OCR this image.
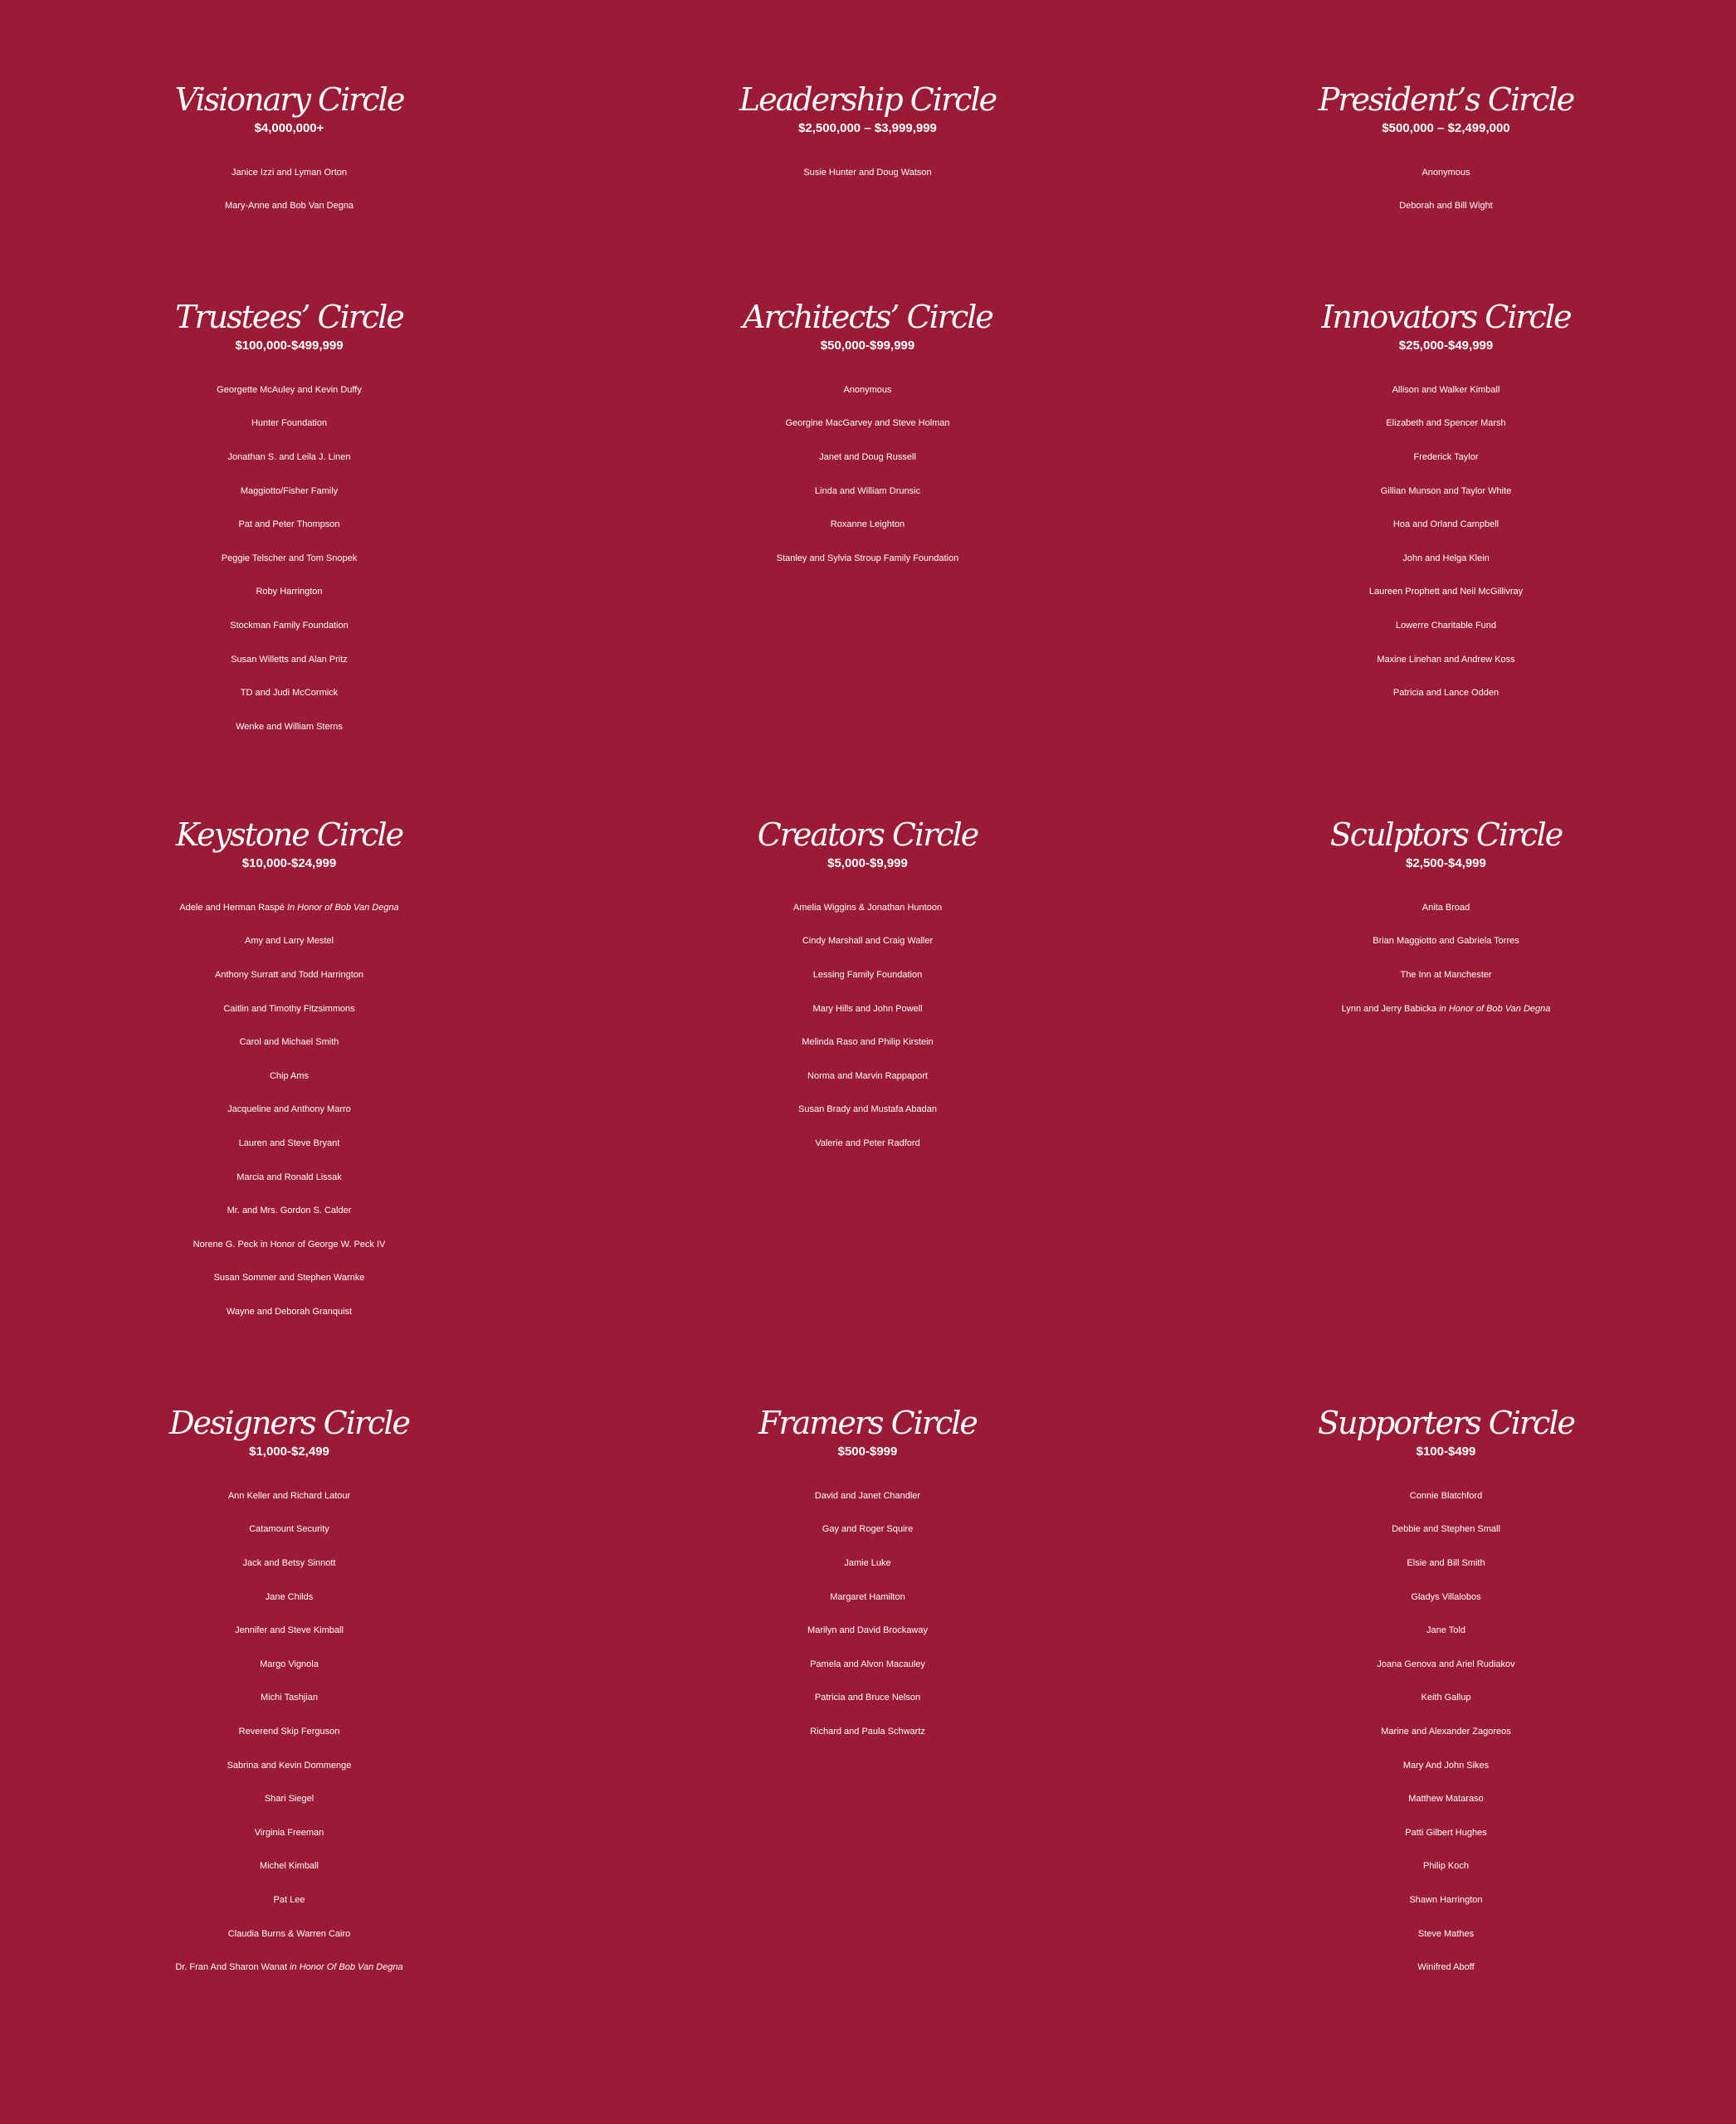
Visionary Circle
$4,000,000+
Janice Izzi and Lyman Orton
Mary-Anne and Bob Van Degna
Leadership Circle
$2,500,000 – $3,999,999
Susie Hunter and Doug Watson
President’s Circle
$500,000 – $2,499,000
Anonymous
Deborah and Bill Wight
Trustees’ Circle
$100,000-$499,999
Georgette McAuley and Kevin Duffy
Hunter Foundation
Jonathan S. and Leila J. Linen
Maggiotto/Fisher Family
Pat and Peter Thompson
Peggie Telscher and Tom Snopek
Roby Harrington
Stockman Family Foundation
Susan Willetts and Alan Pritz
TD and Judi McCormick
Wenke and William Sterns
Architects’ Circle
$50,000-$99,999
Anonymous
Georgine MacGarvey and Steve Holman
Janet and Doug Russell
Linda and William Drunsic
Roxanne Leighton
Stanley and Sylvia Stroup Family Foundation
Innovators Circle
$25,000-$49,999
Allison and Walker Kimball
Elizabeth and Spencer Marsh
Frederick Taylor
Gillian Munson and Taylor White
Hoa and Orland Campbell
John and Helga Klein
Laureen Prophett and Neil McGillivray
Lowerre Charitable Fund
Maxine Linehan and Andrew Koss
Patricia and Lance Odden
Keystone Circle
$10,000-$24,999
Adele and Herman Raspé In Honor of Bob Van Degna
Amy and Larry Mestel
Anthony Surratt and Todd Harrington
Caitlin and Timothy Fitzsimmons
Carol and Michael Smith
Chip Ams
Jacqueline and Anthony Marro
Lauren and Steve Bryant
Marcia and Ronald Lissak
Mr. and Mrs. Gordon S. Calder
Norene G. Peck in Honor of George W. Peck IV
Susan Sommer and Stephen Warnke
Wayne and Deborah Granquist
Creators Circle
$5,000-$9,999
Amelia Wiggins & Jonathan Huntoon
Cindy Marshall and Craig Waller
Lessing Family Foundation
Mary Hills and John Powell
Melinda Raso and Philip Kirstein
Norma and Marvin Rappaport
Susan Brady and Mustafa Abadan
Valerie and Peter Radford
Sculptors Circle
$2,500-$4,999
Anita Broad
Brian Maggiotto and Gabriela Torres
The Inn at Manchester
Lynn and Jerry Babicka in Honor of Bob Van Degna
Designers Circle
$1,000-$2,499
Ann Keller and Richard Latour
Catamount Security
Jack and Betsy Sinnott
Jane Childs
Jennifer and Steve Kimball
Margo Vignola
Michi Tashjian
Reverend Skip Ferguson
Sabrina and Kevin Dommenge
Shari Siegel
Virginia Freeman
Michel Kimball
Pat Lee
Claudia Burns & Warren Cairo
Dr. Fran And Sharon Wanat in Honor Of Bob Van Degna
Framers Circle
$500-$999
David and Janet Chandler
Gay and Roger Squire
Jamie Luke
Margaret Hamilton
Marilyn and David Brockaway
Pamela and Alvon Macauley
Patricia and Bruce Nelson
Richard and Paula Schwartz
Supporters Circle
$100-$499
Connie Blatchford
Debbie and Stephen Small
Elsie and Bill Smith
Gladys Villalobos
Jane Told
Joana Genova and Ariel Rudiakov
Keith Gallup
Marine and Alexander Zagoreos
Mary And John Sikes
Matthew Mataraso
Patti Gilbert Hughes
Philip Koch
Shawn Harrington
Steve Mathes
Winifred Aboff
